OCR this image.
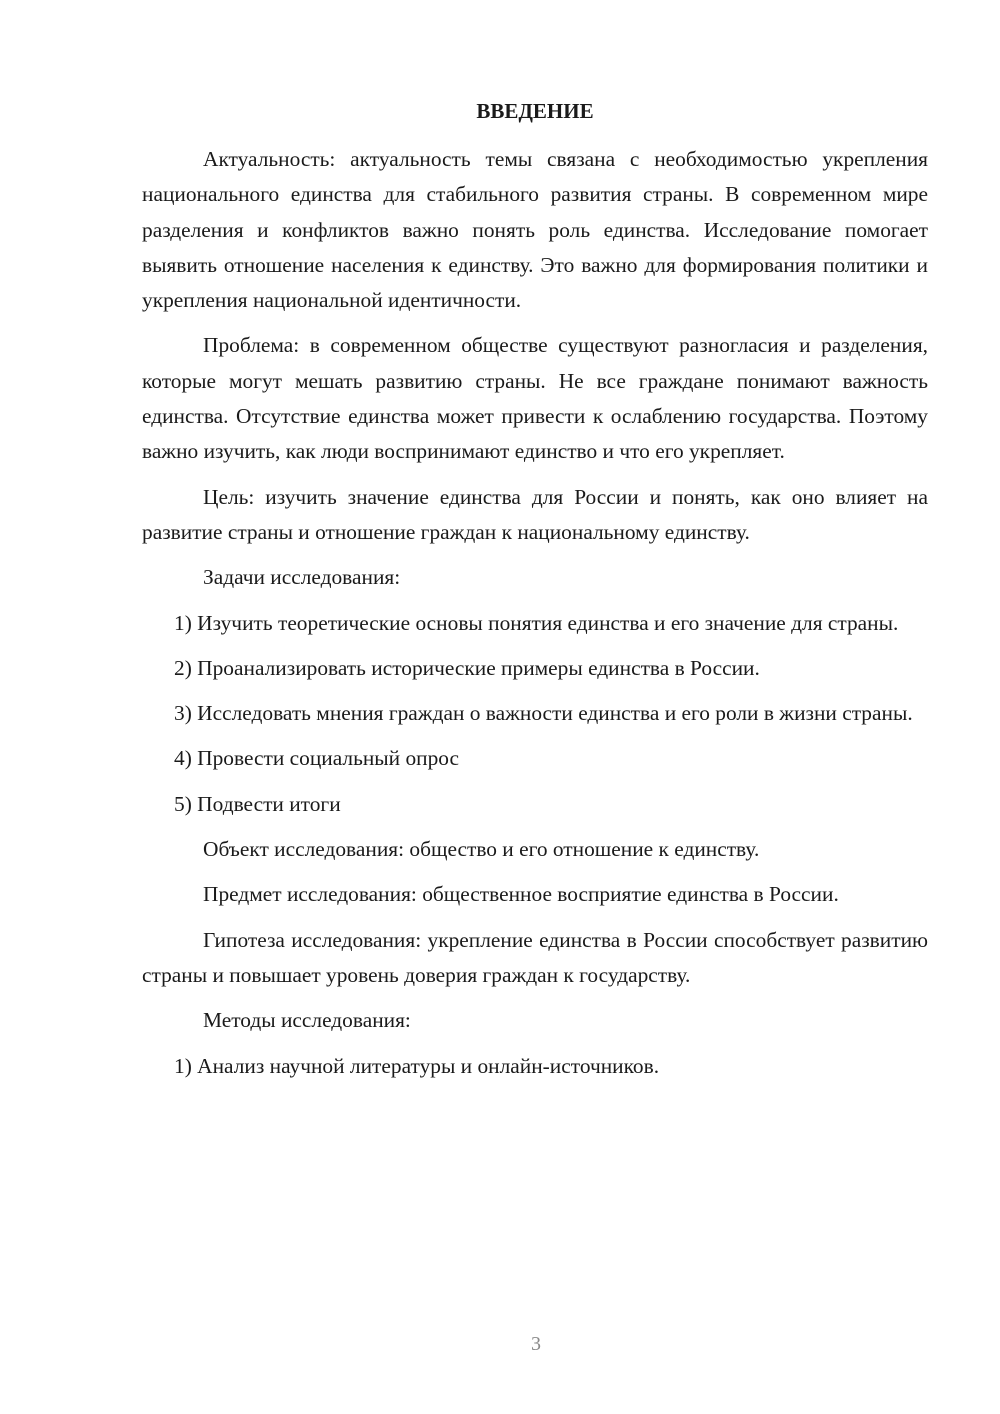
ВВЕДЕНИЕ

Актуальность: актуальность темы связана с необходимостью укрепления национального единства для стабильного развития страны. В современном мире разделения и конфликтов важно понять роль единства. Исследование помогает выявить отношение населения к единству. Это важно для формирования политики и укрепления национальной идентичности.

Проблема: в современном обществе существуют разногласия и разделения, которые могут мешать развитию страны. Не все граждане понимают важность единства. Отсутствие единства может привести к ослаблению государства. Поэтому важно изучить, как люди воспринимают единство и что его укрепляет.

Цель: изучить значение единства для России и понять, как оно влияет на развитие страны и отношение граждан к национальному единству.

Задачи исследования:

1) Изучить теоретические основы понятия единства и его значение для страны.

2) Проанализировать исторические примеры единства в России.

3) Исследовать мнения граждан о важности единства и его роли в жизни страны.

4) Провести социальный опрос

5) Подвести итоги

Объект исследования: общество и его отношение к единству.

Предмет исследования: общественное восприятие единства в России.

Гипотеза исследования: укрепление единства в России способствует развитию страны и повышает уровень доверия граждан к государству.

Методы исследования:

1) Анализ научной литературы и онлайн-источников.

3
